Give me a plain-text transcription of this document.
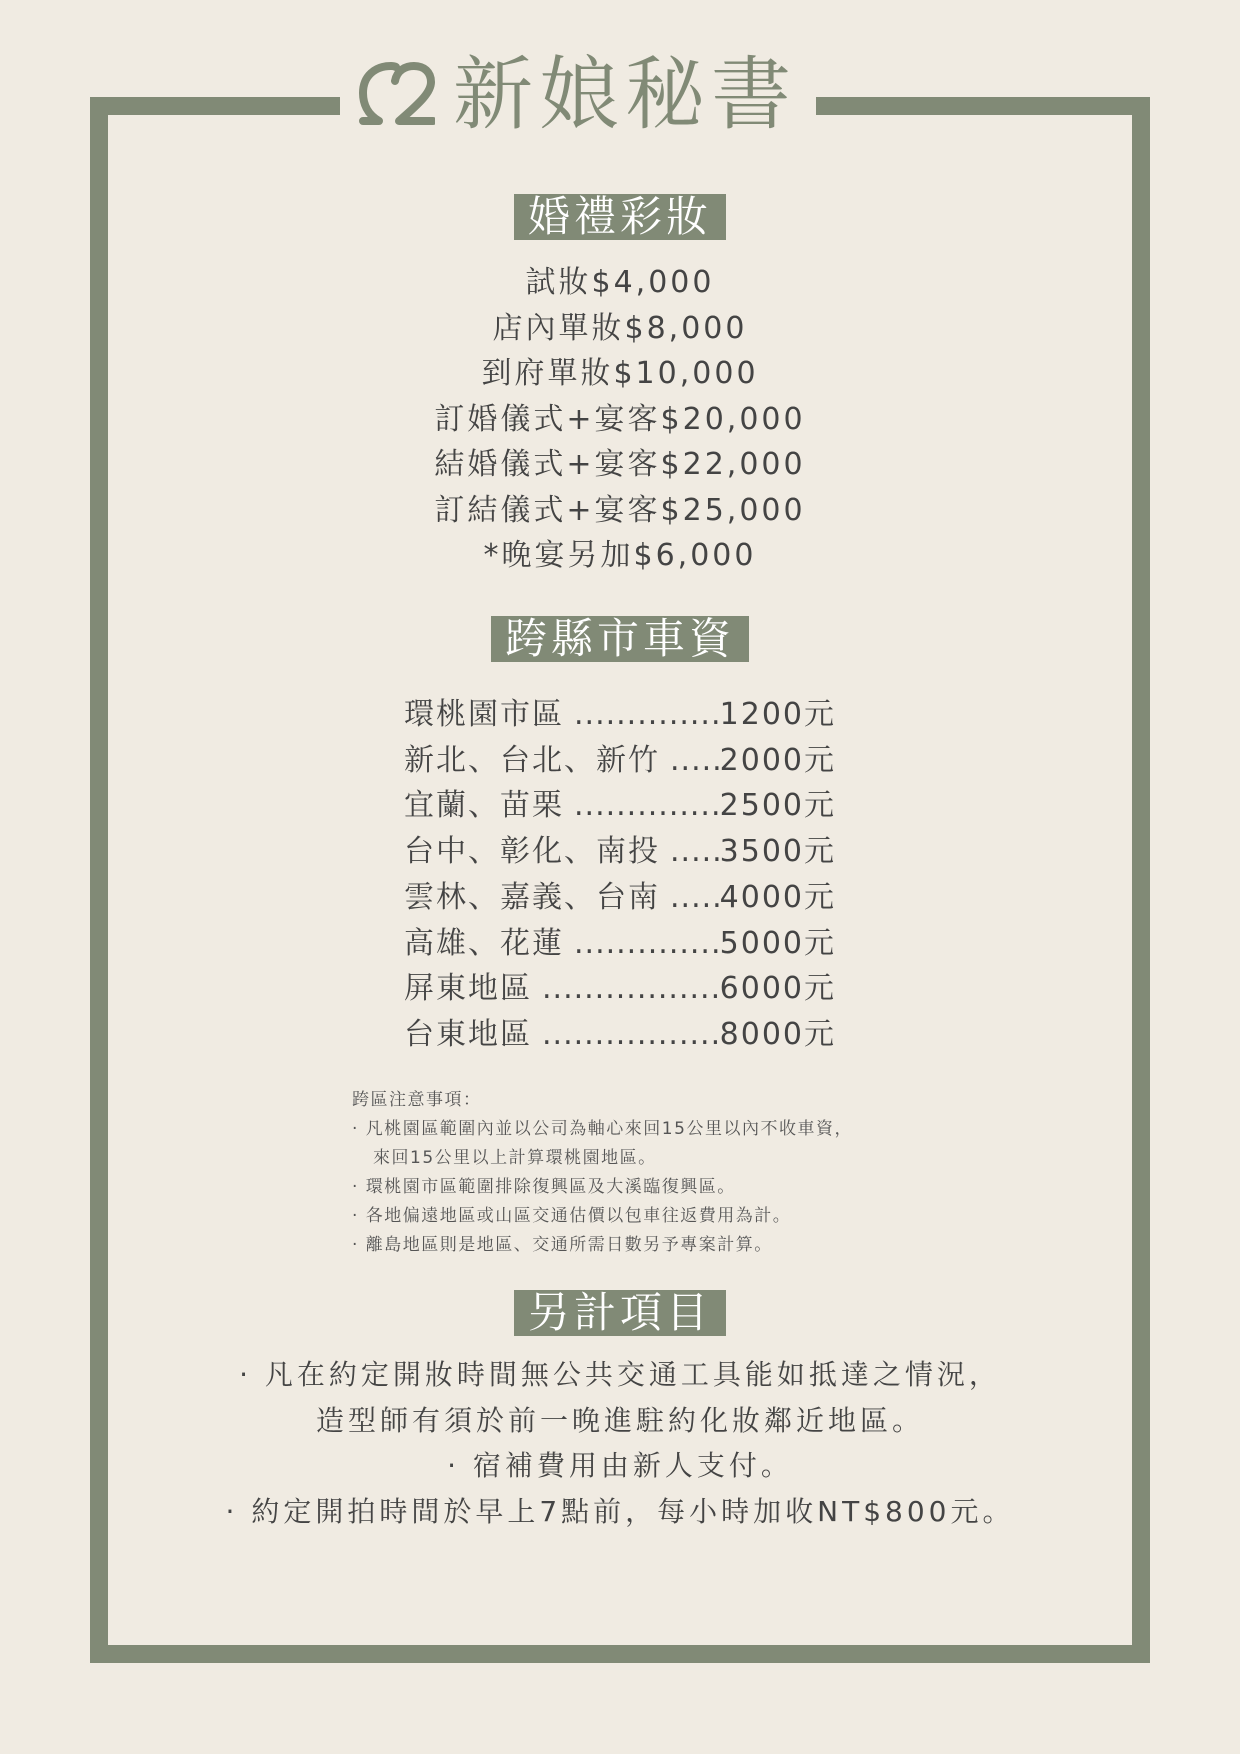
新娘秘書
婚禮彩妝
試妝$4,000
店內單妝$8,000
到府單妝$10,000
訂婚儀式+宴客$20,000
結婚儀式+宴客$22,000
訂結儀式+宴客$25,000
*晚宴另加$6,000
跨縣市車資
環桃園市區 .....	1200元
新北、台北、新竹 ..... 2000元
宜蘭、苗栗 .....	2500元
台中、彰化、南投 ..... 3500元
雲林、嘉義、台南 ..... 4000元
高雄、花蓮 .....	5000元
屏東地區 .....	6000元
台東地區 .....	8000元

跨區注意事項：

· 凡桃園區範圍內並以公司為軸心來回15公里以內不收車資，
來回15公里以上計算環桃園地區。
· 環桃園市區範圍排除復興區及大溪臨復興區。
· 各地偏遠地區或山區交通估價以包車往返費用為計。
· 離島地區則是地區、交通所需日數另予專案計算。
另計項目
· 凡在約定開妝時間無公共交通工具能如抵達之情況，
造型師有須於前一晚進駐約化妝鄰近地區。
· 宿補費用由新人支付。
· 約定開拍時間於早上7點前，每小時加收NT$800元。
